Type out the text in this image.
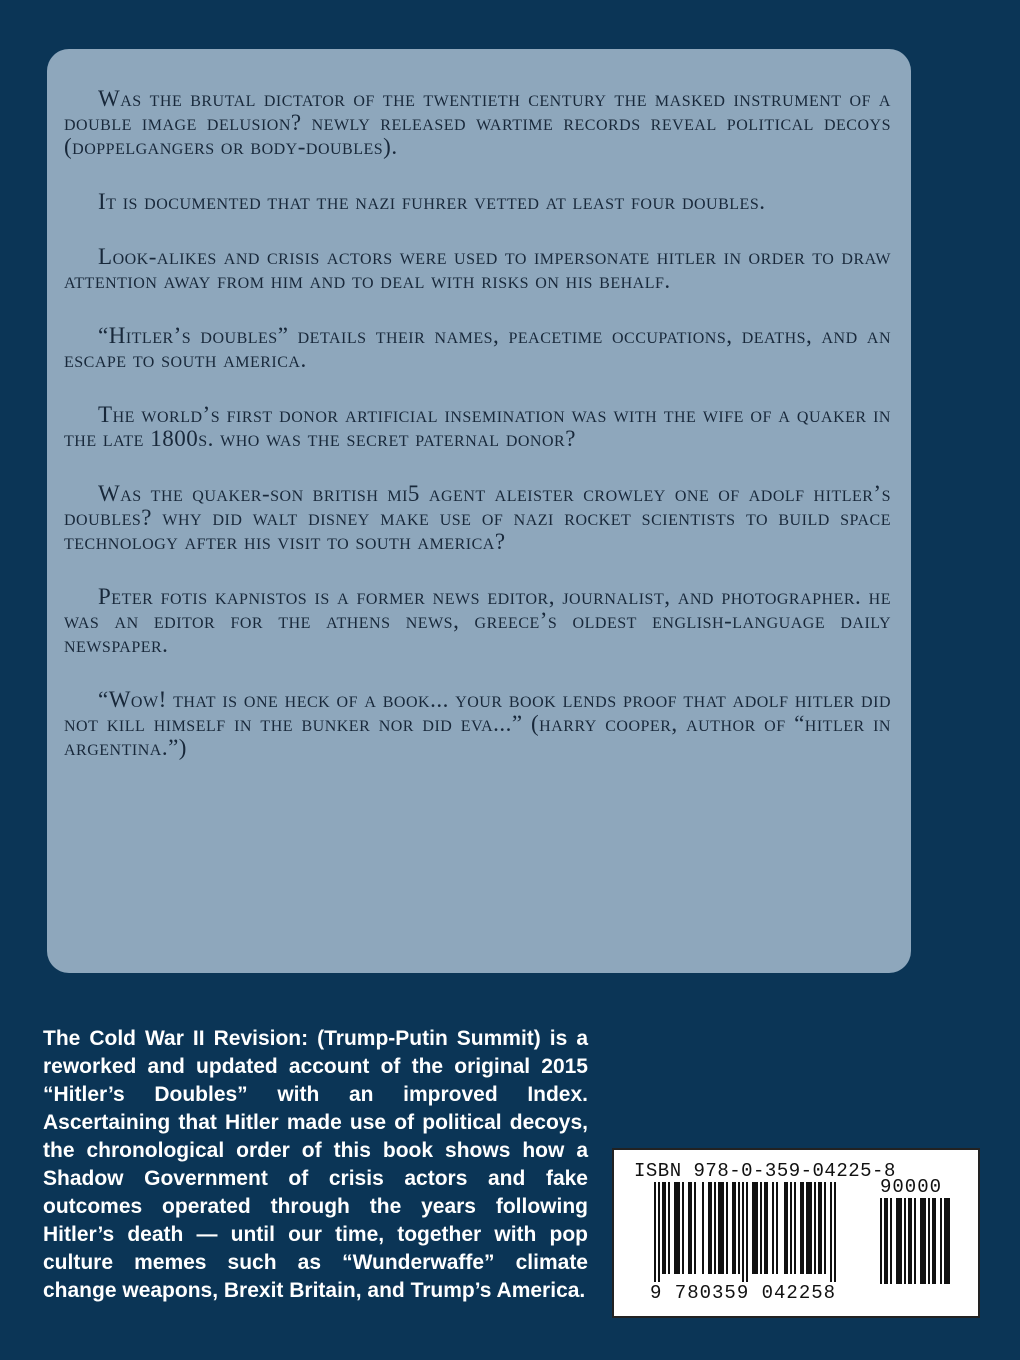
Was the brutal dictator of the twentieth century the masked instrument of a double image delusion? newly released wartime records reveal political decoys (doppelgangers or body-doubles).

It is documented that the nazi fuhrer vetted at least four doubles.

Look-alikes and crisis actors were used to impersonate hitler in order to draw attention away from him and to deal with risks on his behalf.

“Hitler’s doubles” details their names, peacetime occupations, deaths, and an escape to south america.

The world’s first donor artificial insemination was with the wife of a quaker in the late 1800s. who was the secret paternal donor?

Was the quaker-son british mi5 agent aleister crowley one of adolf hitler’s doubles? why did walt disney make use of nazi rocket scientists to build space technology after his visit to south america?

Peter fotis kapnistos is a former news editor, journalist, and photographer. he was an editor for the athens news, greece’s oldest english-language daily newspaper.

“Wow! that is one heck of a book... your book lends proof that adolf hitler did not kill himself in the bunker nor did eva...” (harry cooper, author of “hitler in argentina.”)

The Cold War II Revision: (Trump-Putin Summit) is a reworked and updated account of the original 2015 “Hitler’s Doubles” with an improved Index. Ascertaining that Hitler made use of political decoys, the chronological order of this book shows how a Shadow Government of crisis actors and fake outcomes operated through the years following Hitler’s death — until our time, together with pop culture memes such as “Wunderwaffe” climate change weapons, Brexit Britain, and Trump’s America.

ISBN 978-0-359-04225-8
9 780359 042258
90000
